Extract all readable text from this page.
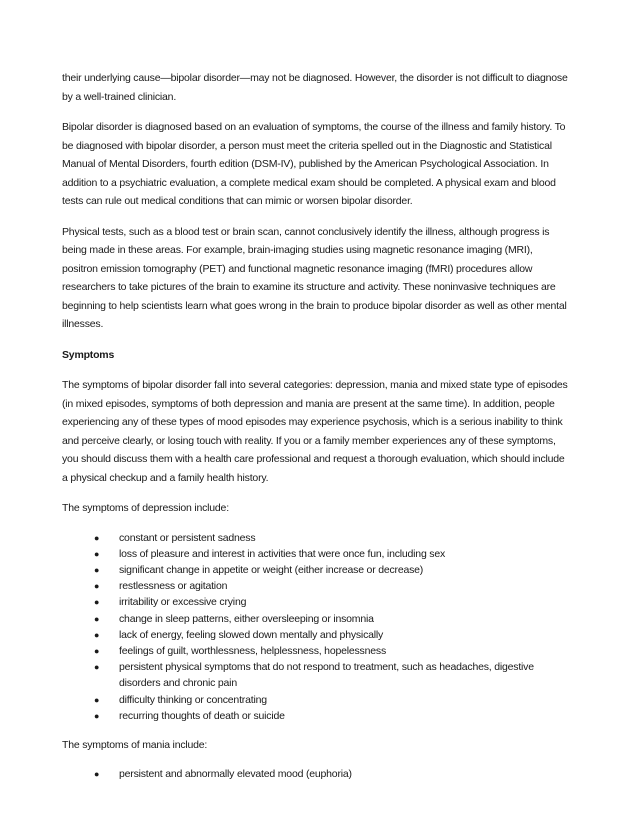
their underlying cause—bipolar disorder—may not be diagnosed. However, the disorder is not difficult to diagnose by a well-trained clinician.

Bipolar disorder is diagnosed based on an evaluation of symptoms, the course of the illness and family history. To be diagnosed with bipolar disorder, a person must meet the criteria spelled out in the Diagnostic and Statistical Manual of Mental Disorders, fourth edition (DSM-IV), published by the American Psychological Association. In addition to a psychiatric evaluation, a complete medical exam should be completed. A physical exam and blood tests can rule out medical conditions that can mimic or worsen bipolar disorder.

Physical tests, such as a blood test or brain scan, cannot conclusively identify the illness, although progress is being made in these areas. For example, brain-imaging studies using magnetic resonance imaging (MRI), positron emission tomography (PET) and functional magnetic resonance imaging (fMRI) procedures allow researchers to take pictures of the brain to examine its structure and activity. These noninvasive techniques are beginning to help scientists learn what goes wrong in the brain to produce bipolar disorder as well as other mental illnesses.

Symptoms

The symptoms of bipolar disorder fall into several categories: depression, mania and mixed state type of episodes (in mixed episodes, symptoms of both depression and mania are present at the same time). In addition, people experiencing any of these types of mood episodes may experience psychosis, which is a serious inability to think and perceive clearly, or losing touch with reality. If you or a family member experiences any of these symptoms, you should discuss them with a health care professional and request a thorough evaluation, which should include a physical checkup and a family health history.

The symptoms of depression include:

● constant or persistent sadness
● loss of pleasure and interest in activities that were once fun, including sex
● significant change in appetite or weight (either increase or decrease)
● restlessness or agitation
● irritability or excessive crying
● change in sleep patterns, either oversleeping or insomnia
● lack of energy, feeling slowed down mentally and physically
● feelings of guilt, worthlessness, helplessness, hopelessness
● persistent physical symptoms that do not respond to treatment, such as headaches, digestive disorders and chronic pain
● difficulty thinking or concentrating
● recurring thoughts of death or suicide

The symptoms of mania include:

● persistent and abnormally elevated mood (euphoria)
